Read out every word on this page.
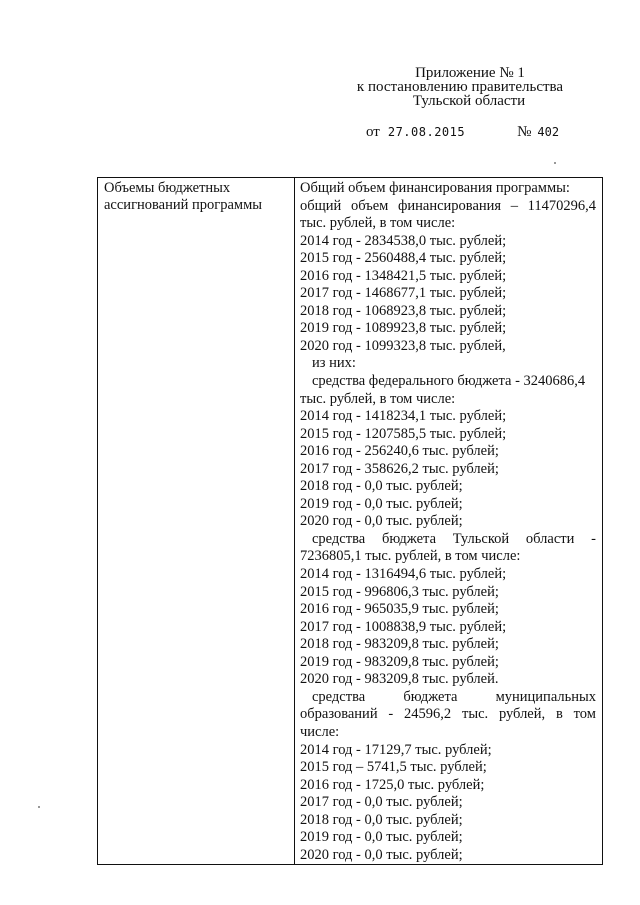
Приложение № 1
к постановлению правительства
Тульской области
от 27.08.2015	№ 402
Объемы бюджетных
ассигнований программы

Общий объем финансирования программы:
общий объем финансирования – 11470296,4
тыс. рублей, в том числе:
2014 год - 2834538,0 тыс. рублей;
2015 год - 2560488,4 тыс. рублей;
2016 год - 1348421,5 тыс. рублей;
2017 год - 1468677,1 тыс. рублей;
2018 год - 1068923,8 тыс. рублей;
2019 год - 1089923,8 тыс. рублей;
2020 год - 1099323,8 тыс. рублей,
из них:
средства федерального бюджета - 3240686,4
тыс. рублей, в том числе:
2014 год - 1418234,1 тыс. рублей;
2015 год - 1207585,5 тыс. рублей;
2016 год - 256240,6 тыс. рублей;
2017 год - 358626,2 тыс. рублей;
2018 год - 0,0 тыс. рублей;
2019 год - 0,0 тыс. рублей;
2020 год - 0,0 тыс. рублей;
средства бюджета Тульской области -
7236805,1 тыс. рублей, в том числе:
2014 год - 1316494,6 тыс. рублей;
2015 год - 996806,3 тыс. рублей;
2016 год - 965035,9 тыс. рублей;
2017 год - 1008838,9 тыс. рублей;
2018 год - 983209,8 тыс. рублей;
2019 год - 983209,8 тыс. рублей;
2020 год - 983209,8 тыс. рублей.
средства	бюджета	муниципальных
образований - 24596,2 тыс. рублей, в том
числе:
2014 год - 17129,7 тыс. рублей;
2015 год – 5741,5 тыс. рублей;
2016 год - 1725,0 тыс. рублей;
2017 год - 0,0 тыс. рублей;
2018 год - 0,0 тыс. рублей;
2019 год - 0,0 тыс. рублей;
2020 год - 0,0 тыс. рублей;
